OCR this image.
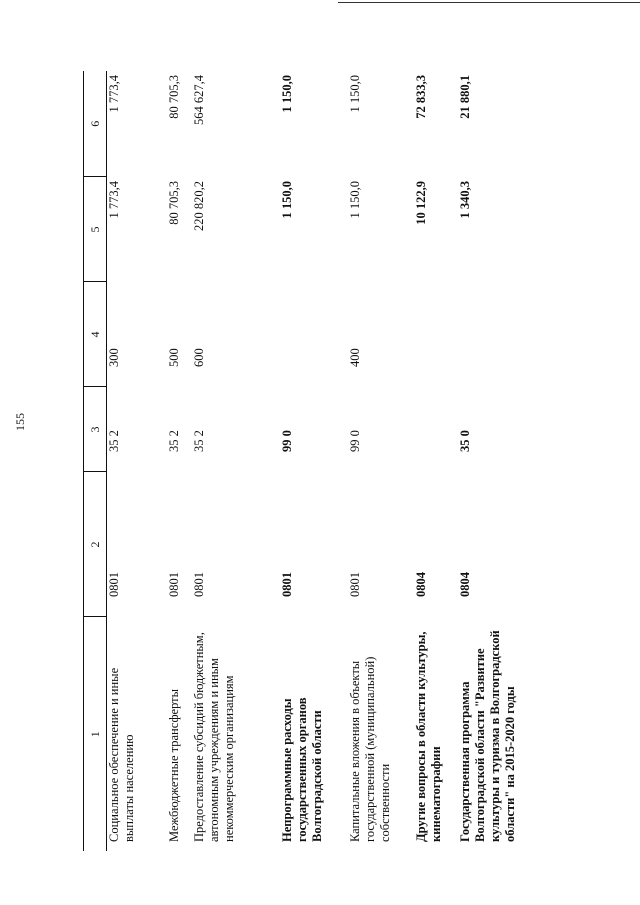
155
1	2	3	4	5	6
Социальное обеспечение и иные выплаты населению	0801	35 2	300	1 773,4	1 773,4
Межбюджетные трансферты	0801	35 2	500	80 705,3	80 705,3
Предоставление субсидий бюджетным, автономным учреждениям и иным некоммерческим организациям	0801	35 2	600	220 820,2	564 627,4
Непрограммные расходы государственных органов Волгоградской области	0801	99 0		1 150,0	1 150,0
Капитальные вложения в объекты государственной (муниципальной) собственности	0801	99 0	400	1 150,0	1 150,0
Другие вопросы в области культуры, кинематографии	0804			10 122,9	72 833,3
Государственная программа Волгоградской области "Развитие культуры и туризма в Волгоградской области" на 2015-2020 годы	0804	35 0		1 340,3	21 880,1
